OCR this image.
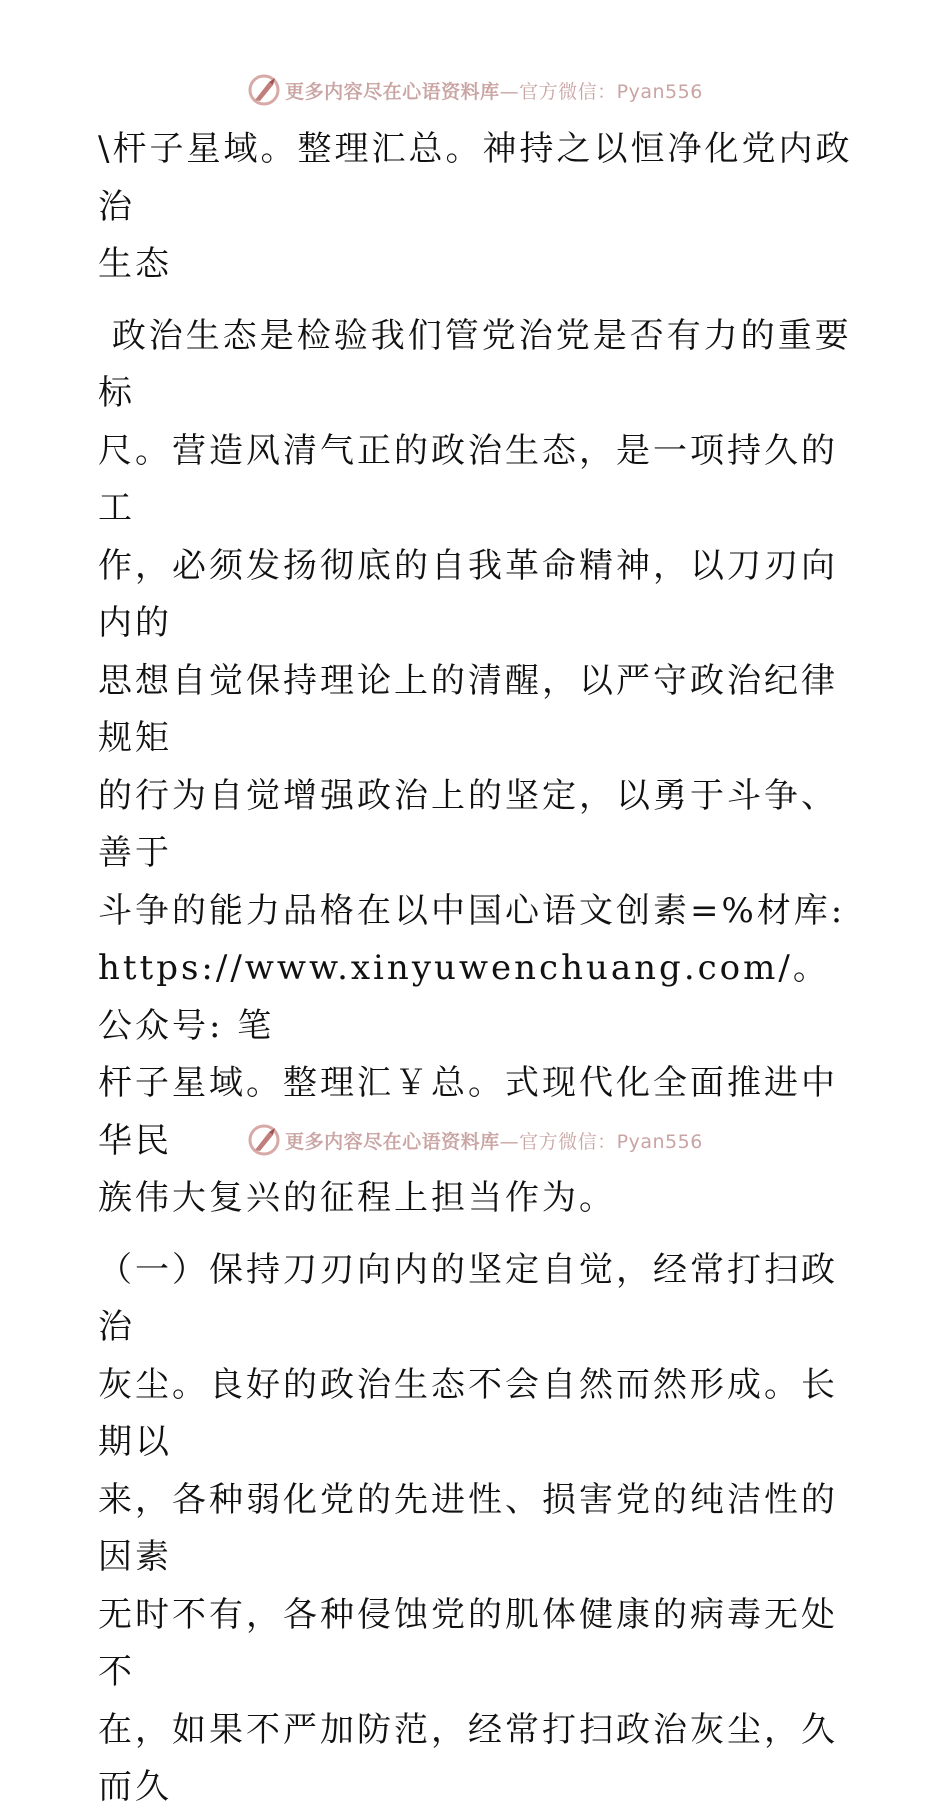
更多内容尽在心语资料库 —官方微信：Pyan556

\杆子星域。整理汇总。神持之以恒净化党内政治
生态

政治生态是检验我们管党治党是否有力的重要标
尺。营造风清气正的政治生态，是一项持久的工
作，必须发扬彻底的自我革命精神，以刀刃向内的
思想自觉保持理论上的清醒，以严守政治纪律规矩
的行为自觉增强政治上的坚定，以勇于斗争、善于
斗争的能力品格在以中国心语文创素=%材库:
https://www.xinyuwenchuang.com/。公众号: 笔
杆子星域。整理汇￥总。式现代化全面推进中华民
族伟大复兴的征程上担当作为。

（一）保持刀刃向内的坚定自觉，经常打扫政治
灰尘。良好的政治生态不会自然而然形成。长期以
来，各种弱化党的先进性、损害党的纯洁性的因素
无时不有，各种侵蚀党的肌体健康的病毒无处不
在，如果不严加防范，经常打扫政治灰尘，久而久

更多内容尽在心语资料库 —官方微信：Pyan556
